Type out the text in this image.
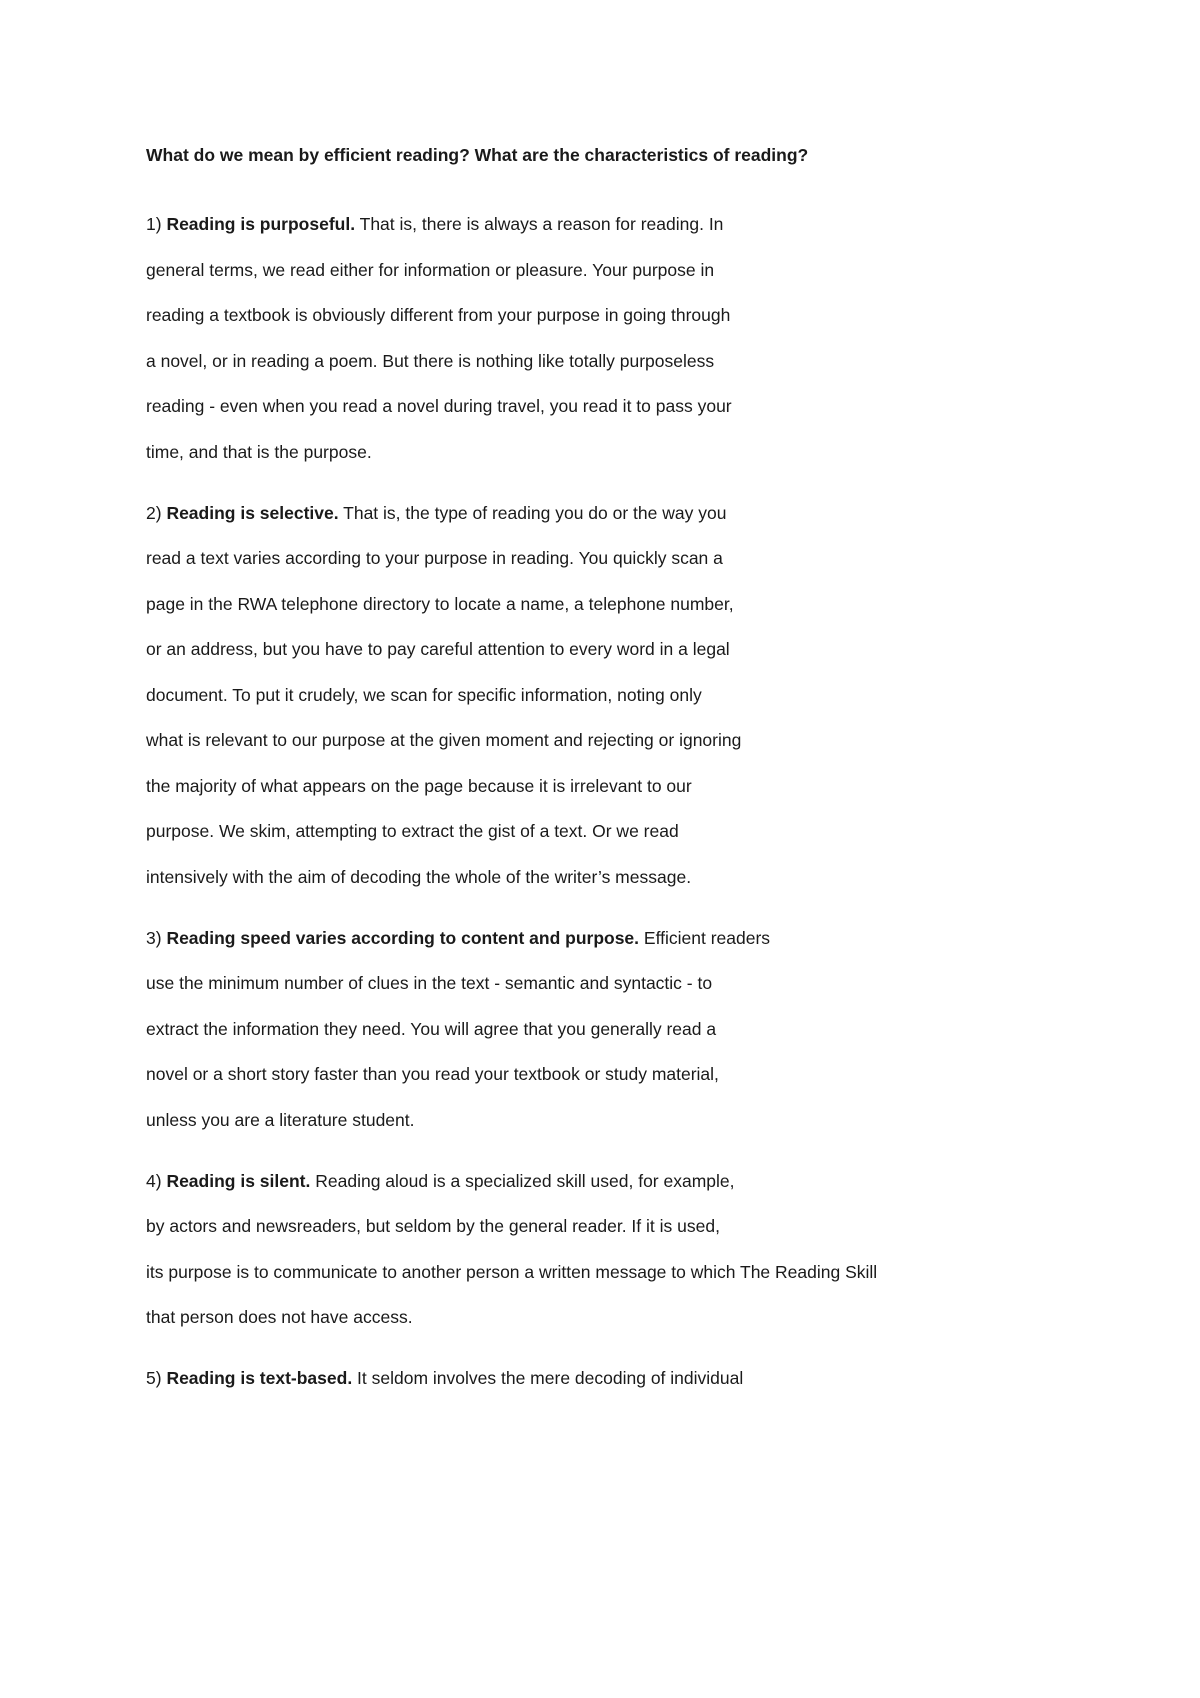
What do we mean by efficient reading? What are the characteristics of reading?

1) Reading is purposeful. That is, there is always a reason for reading. In

general terms, we read either for information or pleasure. Your purpose in

reading a textbook is obviously different from your purpose in going through

a novel, or in reading a poem. But there is nothing like totally purposeless

reading - even when you read a novel during travel, you read it to pass your

time, and that is the purpose.

2) Reading is selective. That is, the type of reading you do or the way you

read a text varies according to your purpose in reading. You quickly scan a

page in the RWA telephone directory to locate a name, a telephone number,

or an address, but you have to pay careful attention to every word in a legal

document. To put it crudely, we scan for specific information, noting only

what is relevant to our purpose at the given moment and rejecting or ignoring

the majority of what appears on the page because it is irrelevant to our

purpose. We skim, attempting to extract the gist of a text. Or we read

intensively with the aim of decoding the whole of the writer’s message.

3) Reading speed varies according to content and purpose. Efficient readers

use the minimum number of clues in the text - semantic and syntactic - to

extract the information they need. You will agree that you generally read a

novel or a short story faster than you read your textbook or study material,

unless you are a literature student.

4) Reading is silent. Reading aloud is a specialized skill used, for example,

by actors and newsreaders, but seldom by the general reader. If it is used,

its purpose is to communicate to another person a written message to which The Reading Skill

that person does not have access.

5) Reading is text-based. It seldom involves the mere decoding of individual
